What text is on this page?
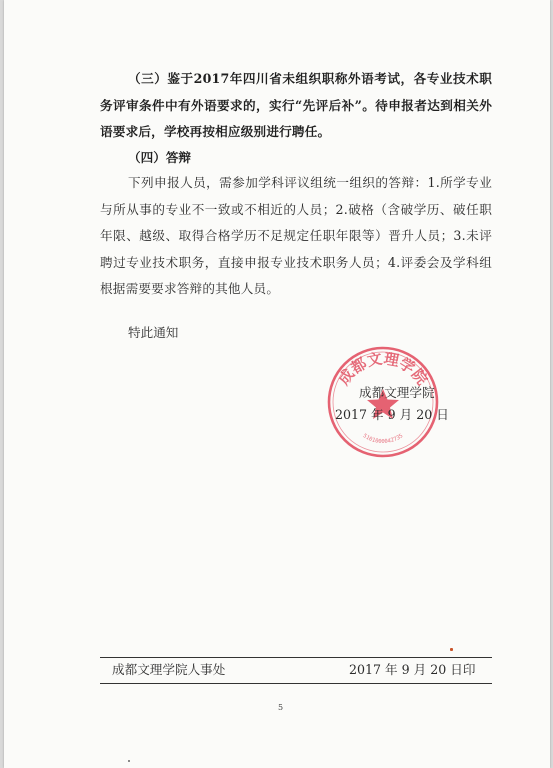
（三）鉴于2017年四川省未组织职称外语考试，各专业技术职务评审条件中有外语要求的，实行“先评后补”。待申报者达到相关外语要求后，学校再按相应级别进行聘任。
（四）答辩
下列申报人员，需参加学科评议组统一组织的答辩：1.所学专业与所从事的专业不一致或不相近的人员；2.破格（含破学历、破任职年限、越级、取得合格学历不足规定任职年限等）晋升人员；3.未评聘过专业技术职务，直接申报专业技术职务人员；4.评委会及学科组根据需要要求答辩的其他人员。
特此通知
成都文理学院
5101000042735
成都文理学院
2017 年 9 月 20 日
成都文理学院人事处	2017 年 9 月 20 日印
5
